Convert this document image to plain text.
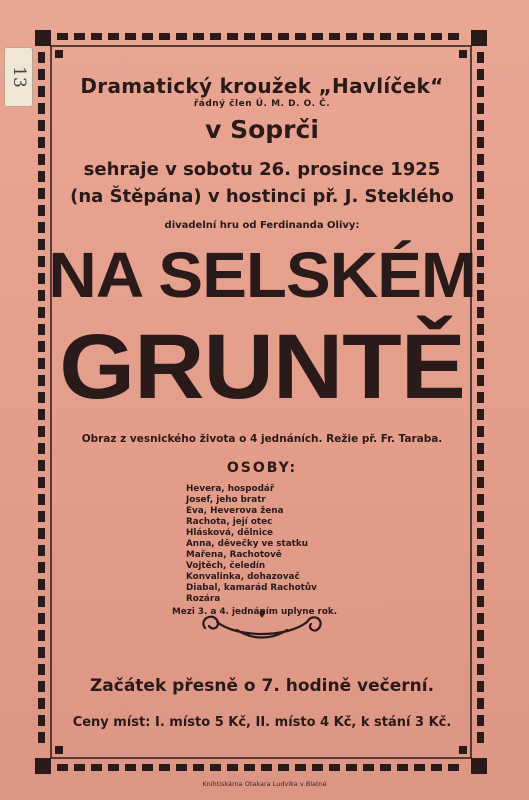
13	Dramatický kroužek „Havlíček“
řádný člen Ú. M. D. O. Č.
v Soprči
sehraje v sobotu 26. prosince 1925
(na Štěpána) v hostinci př. J. Steklého
divadelní hru od Ferdinanda Olivy:
NA SELSKÉM
GRUNTĚ
Obraz z vesnického života o 4 jednáních. Režie př. Fr. Taraba.
OSOBY:
Hevera, hospodář
Josef, jeho bratr
Eva, Heverova žena
Rachota, její otec
Hlásková, dělnice
Anna, děvečky ve statku
Mařena, Rachotově
Vojtěch, čeledín
Konvalinka, dohazovač
Diabal, kamarád Rachotův
Rozára
Mezi 3. a 4. jednáním uplyne rok.
Začátek přesně o 7. hodině večerní.
Ceny míst: I. místo 5 Kč, II. místo 4 Kč, k stání 3 Kč.
Knihtiskárna Otakara Ludvíka v Blatné
